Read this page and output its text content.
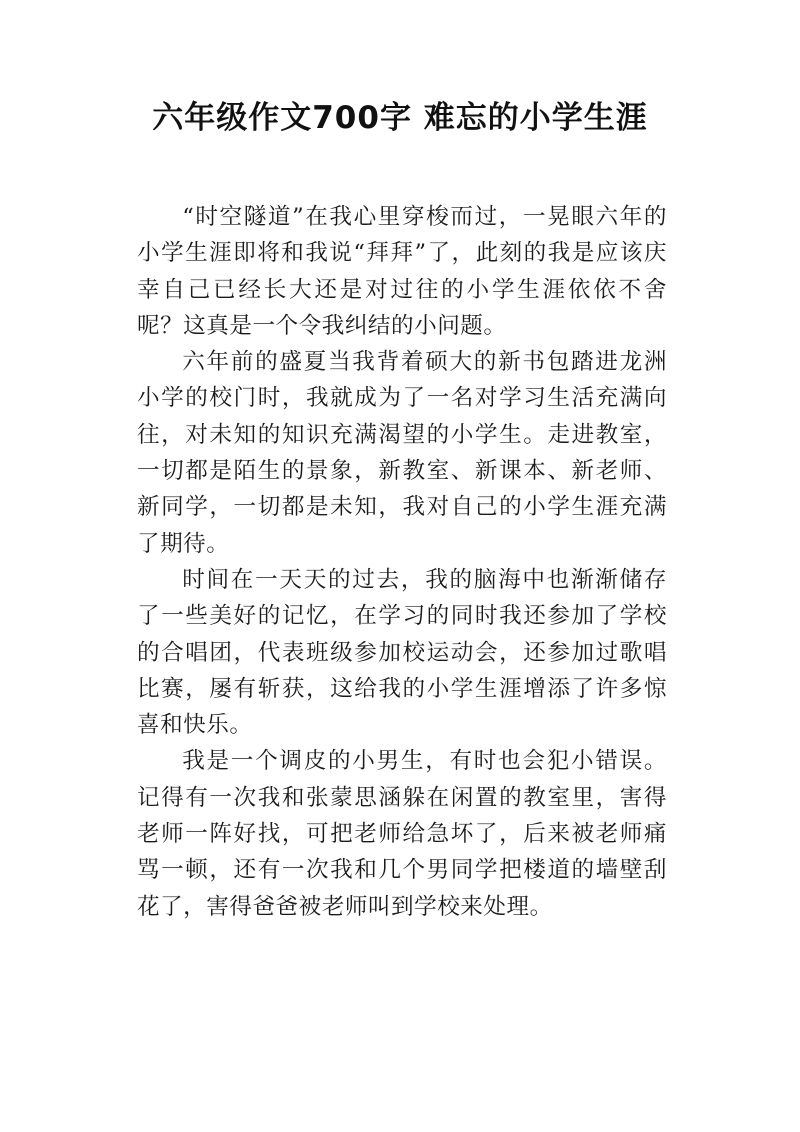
六年级作文700字 难忘的小学生涯

“时空隧道”在我心里穿梭而过，一晃眼六年的小学生涯即将和我说“拜拜”了，此刻的我是应该庆幸自己已经长大还是对过往的小学生涯依依不舍呢？这真是一个令我纠结的小问题。

六年前的盛夏当我背着硕大的新书包踏进龙洲小学的校门时，我就成为了一名对学习生活充满向往，对未知的知识充满渴望的小学生。走进教室，一切都是陌生的景象，新教室、新课本、新老师、新同学，一切都是未知，我对自己的小学生涯充满了期待。

时间在一天天的过去，我的脑海中也渐渐储存了一些美好的记忆，在学习的同时我还参加了学校的合唱团，代表班级参加校运动会，还参加过歌唱比赛，屡有斩获，这给我的小学生涯增添了许多惊喜和快乐。

我是一个调皮的小男生，有时也会犯小错误。记得有一次我和张蒙思涵躲在闲置的教室里，害得老师一阵好找，可把老师给急坏了，后来被老师痛骂一顿，还有一次我和几个男同学把楼道的墙壁刮花了，害得爸爸被老师叫到学校来处理。
